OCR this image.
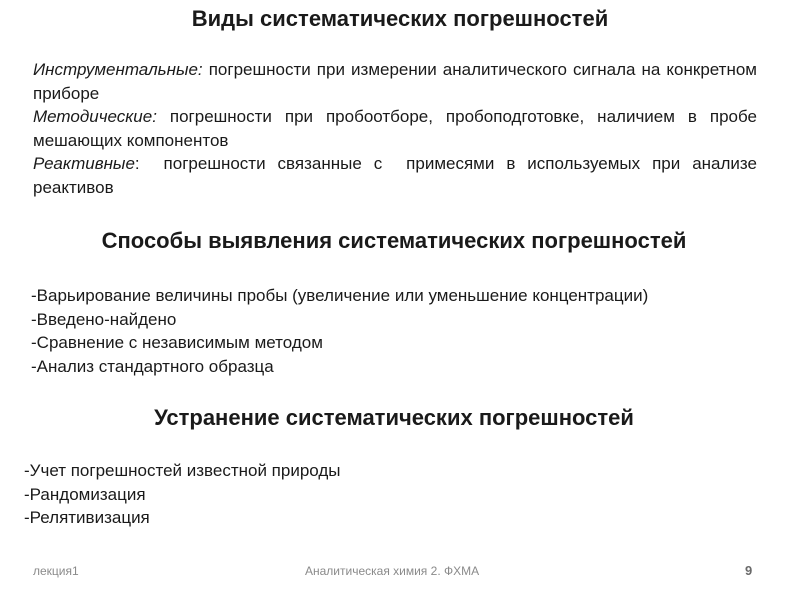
Виды систематических погрешностей

Инструментальные: погрешности при измерении аналитического сигнала на конкретном приборе

Методические: погрешности при пробоотборе, пробоподготовке, наличием в пробе мешающих компонентов

Реактивные:  погрешности связанные с  примесями в используемых при анализе реактивов

Способы выявления систематических погрешностей
-Варьирование величины пробы (увеличение или уменьшение концентрации)
-Введено-найдено
-Сравнение с независимым методом
-Анализ стандартного образца
Устранение систематических погрешностей
-Учет погрешностей известной природы
-Рандомизация
-Релятивизация
лекция1	Аналитическая химия 2. ФХМА	9
